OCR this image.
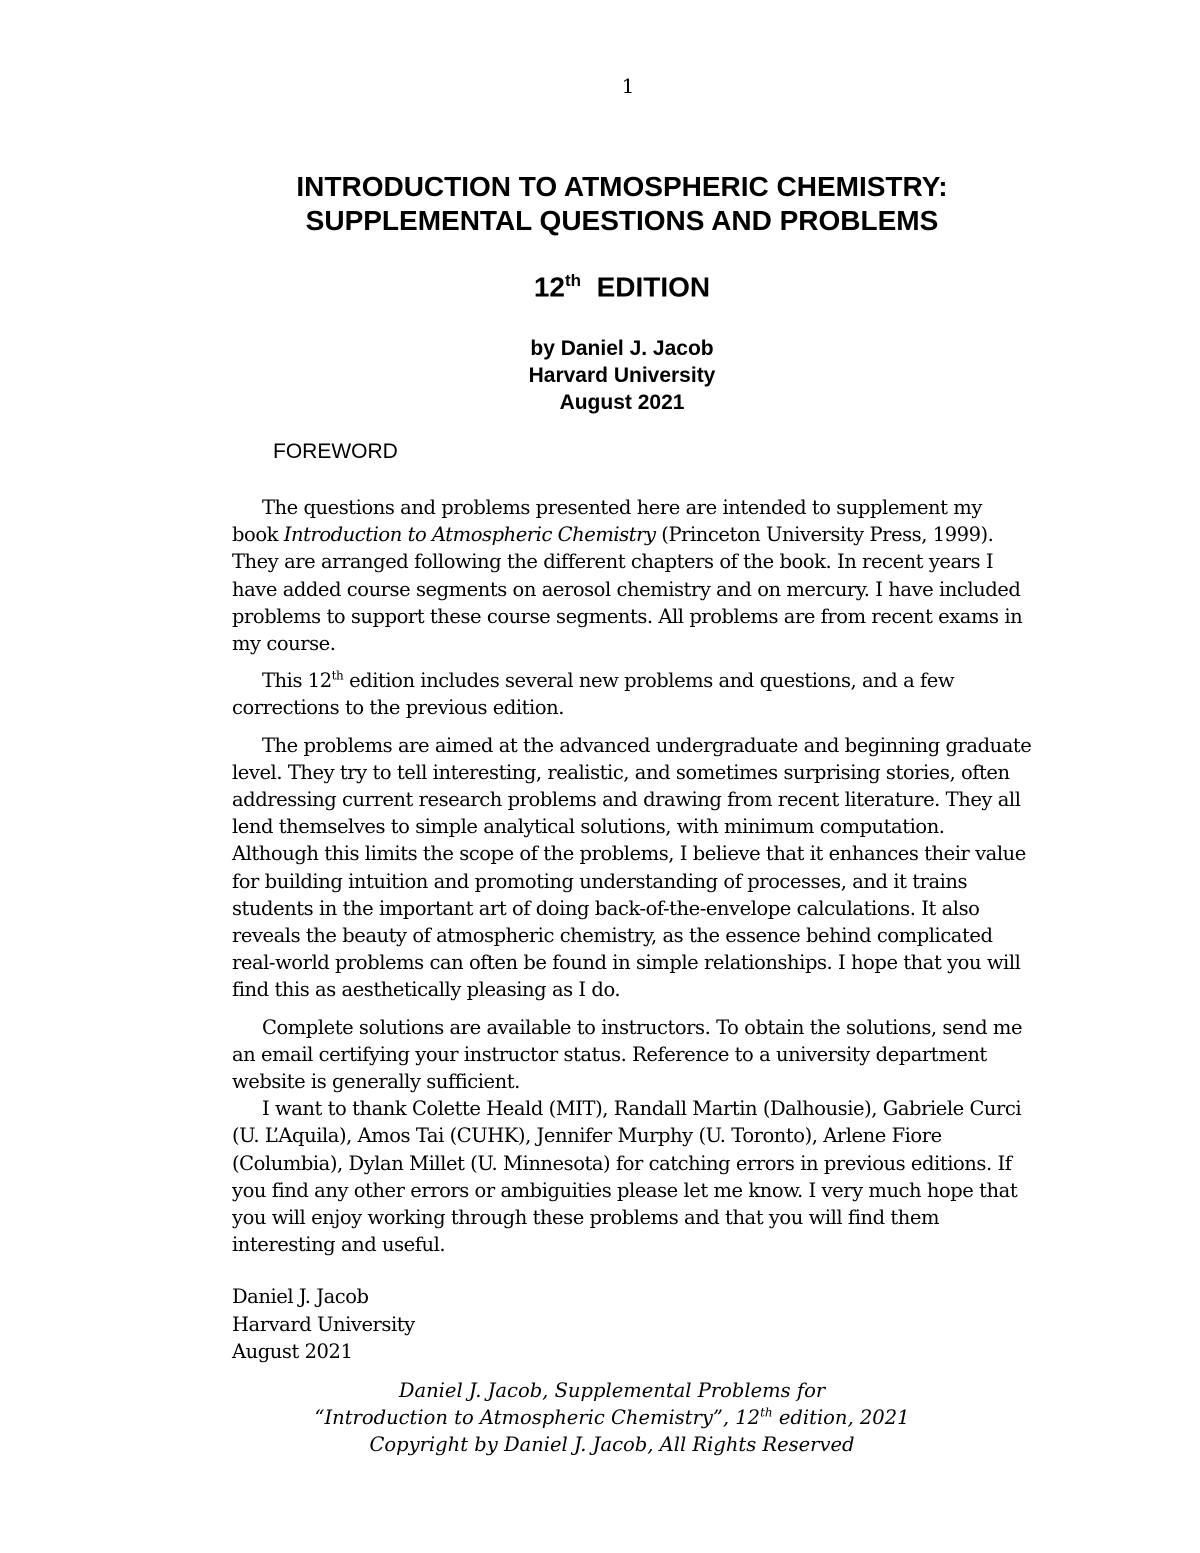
1
INTRODUCTION TO ATMOSPHERIC CHEMISTRY:
SUPPLEMENTAL QUESTIONS AND PROBLEMS
12th EDITION
by Daniel J. Jacob
Harvard University
August 2021
FOREWORD

The questions and problems presented here are intended to supplement my book Introduction to Atmospheric Chemistry (Princeton University Press, 1999). They are arranged following the different chapters of the book. In recent years I have added course segments on aerosol chemistry and on mercury. I have included problems to support these course segments. All problems are from recent exams in my course.

This 12th edition includes several new problems and questions, and a few corrections to the previous edition.

The problems are aimed at the advanced undergraduate and beginning graduate level. They try to tell interesting, realistic, and sometimes surprising stories, often addressing current research problems and drawing from recent literature. They all lend themselves to simple analytical solutions, with minimum computation. Although this limits the scope of the problems, I believe that it enhances their value for building intuition and promoting understanding of processes, and it trains students in the important art of doing back-of-the-envelope calculations. It also reveals the beauty of atmospheric chemistry, as the essence behind complicated real-world problems can often be found in simple relationships. I hope that you will find this as aesthetically pleasing as I do.

Complete solutions are available to instructors. To obtain the solutions, send me an email certifying your instructor status. Reference to a university department website is generally sufficient.

I want to thank Colette Heald (MIT), Randall Martin (Dalhousie), Gabriele Curci (U. L’Aquila), Amos Tai (CUHK), Jennifer Murphy (U. Toronto), Arlene Fiore (Columbia), Dylan Millet (U. Minnesota) for catching errors in previous editions. If you find any other errors or ambiguities please let me know. I very much hope that you will enjoy working through these problems and that you will find them interesting and useful.

Daniel J. Jacob
Harvard University
August 2021
Daniel J. Jacob, Supplemental Problems for
“Introduction to Atmospheric Chemistry”, 12th edition, 2021
Copyright by Daniel J. Jacob, All Rights Reserved
